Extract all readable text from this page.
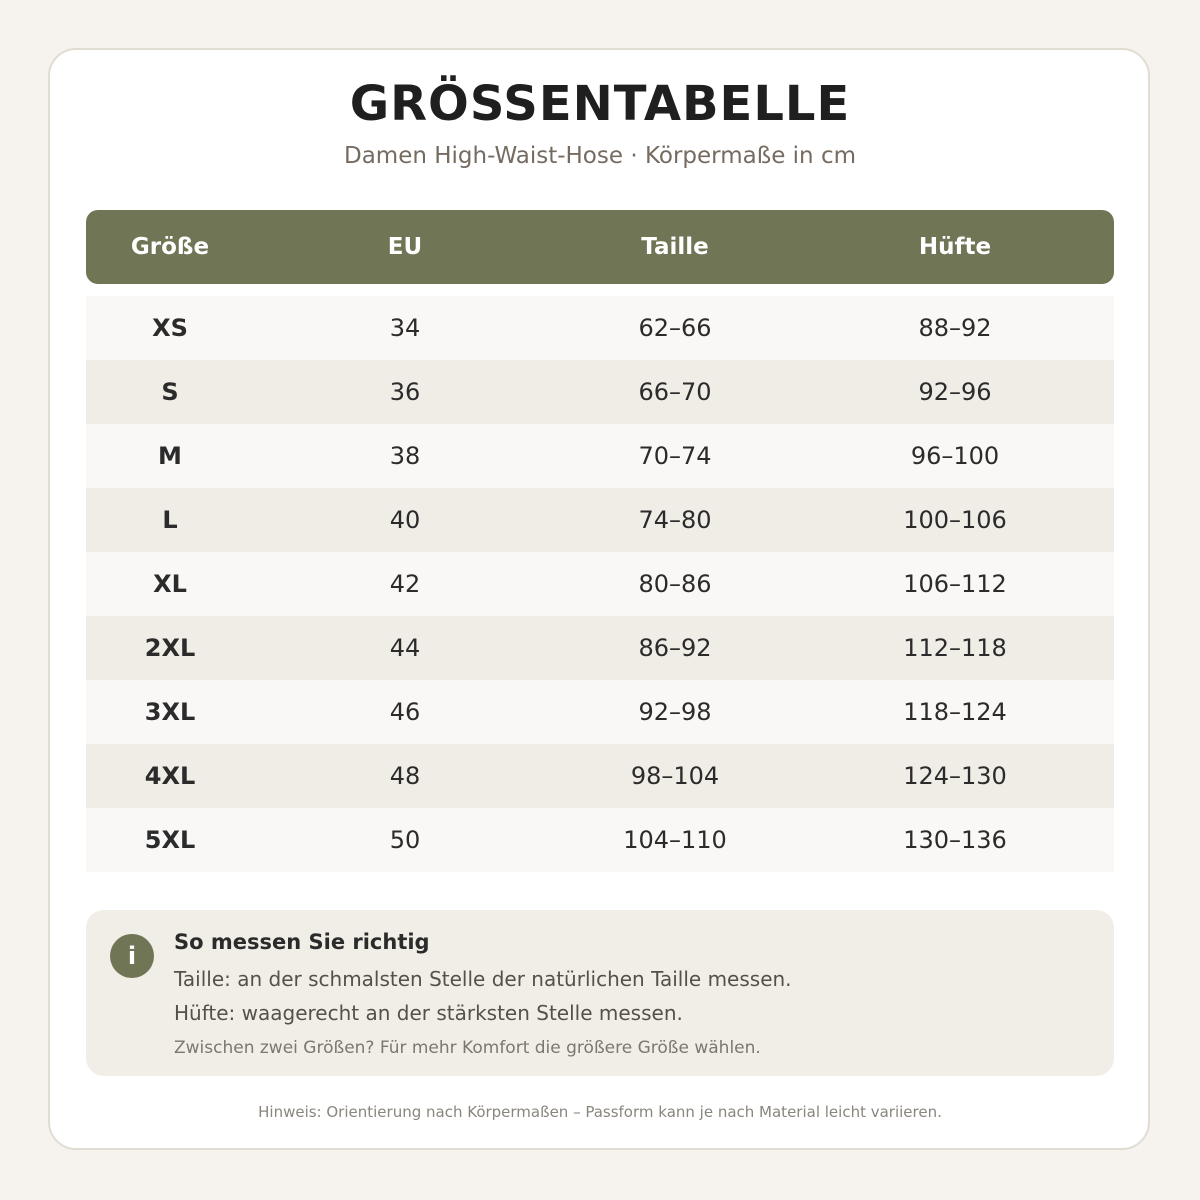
GRÖSSENTABELLE
Damen High-Waist-Hose · Körpermaße in cm
Größe	EU	Taille	Hüfte
XS	34	62–66	88–92
S	36	66–70	92–96
M	38	70–74	96–100
L	40	74–80	100–106
XL	42	80–86	106–112
2XL	44	86–92	112–118
3XL	46	92–98	118–124
4XL	48	98–104	124–130
5XL	50	104–110	130–136
i	So messen Sie richtig
Taille: an der schmalsten Stelle der natürlichen Taille messen.
Hüfte: waagerecht an der stärksten Stelle messen.
Zwischen zwei Größen? Für mehr Komfort die größere Größe wählen.
Hinweis: Orientierung nach Körpermaßen – Passform kann je nach Material leicht variieren.
